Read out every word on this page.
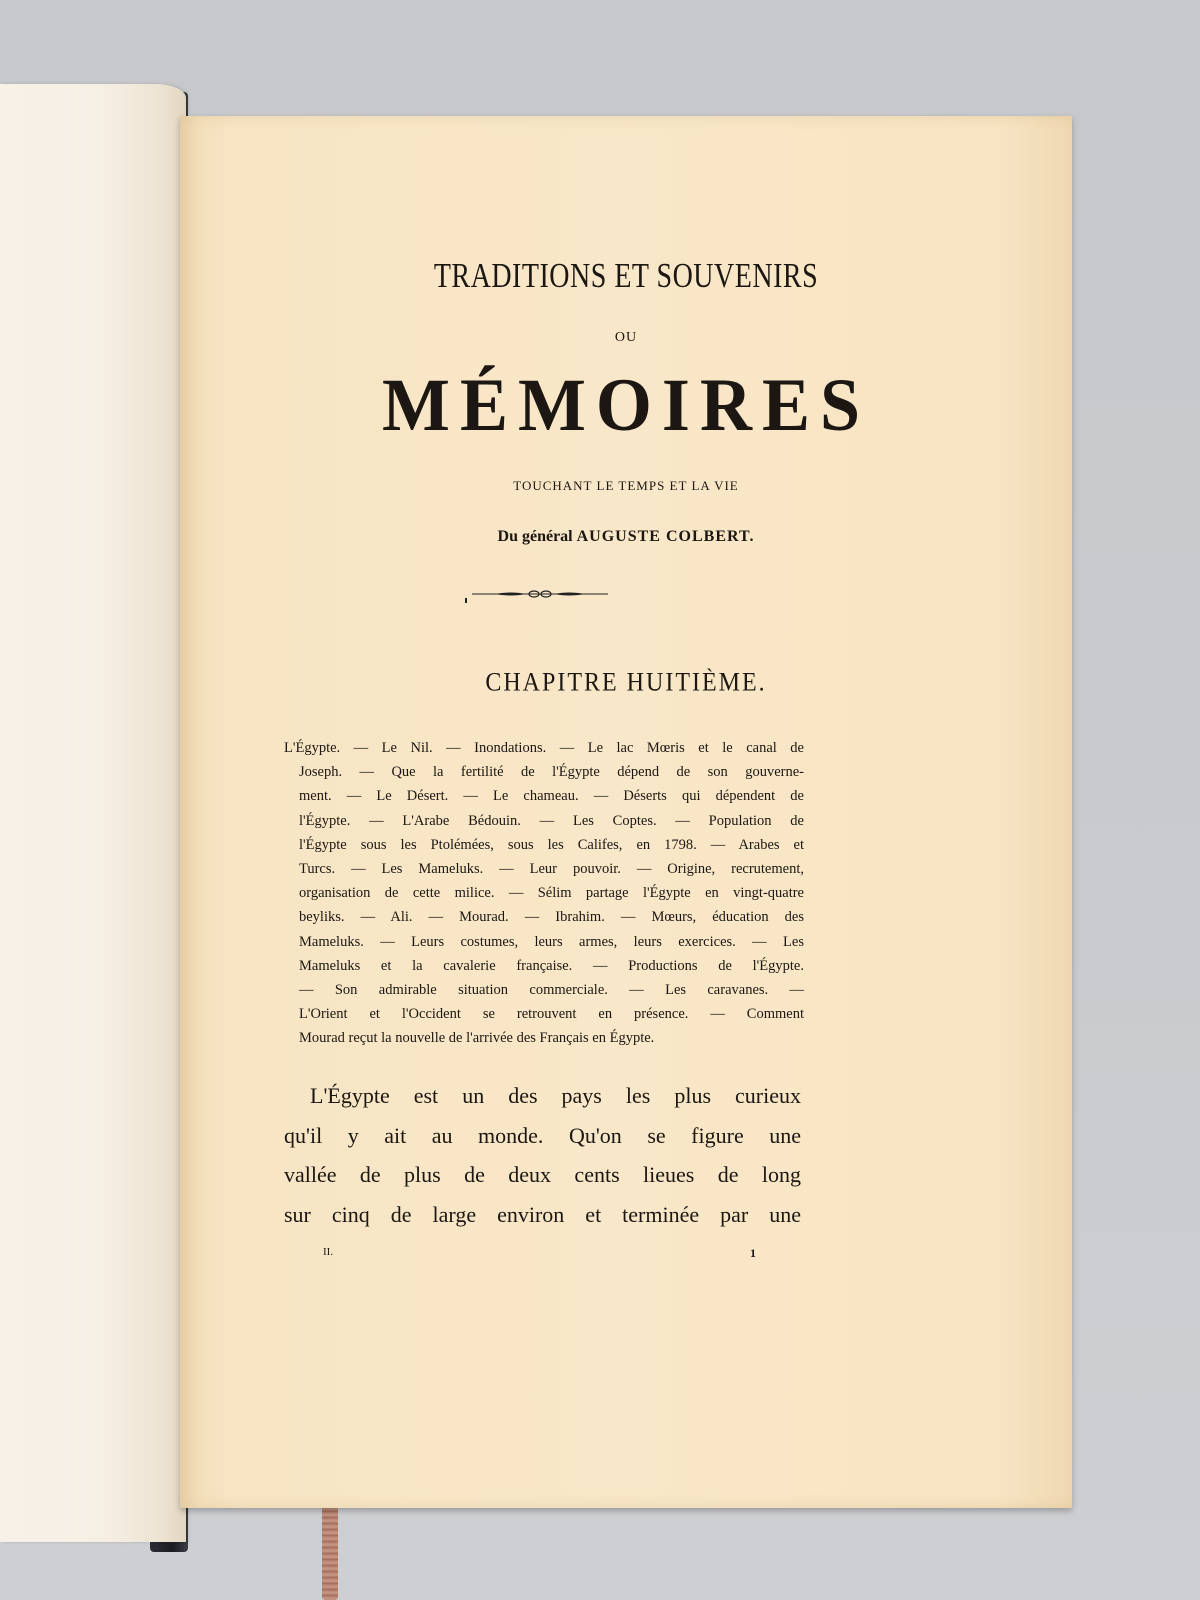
TRADITIONS ET SOUVENIRS
OU
MÉMOIRES
TOUCHANT LE TEMPS ET LA VIE
Du général AUGUSTE COLBERT.
CHAPITRE HUITIÈME.
L'Égypte. — Le Nil. — Inondations. — Le lac Mœris et le canal de
Joseph. — Que la fertilité de l'Égypte dépend de son gouverne-
ment. — Le Désert. — Le chameau. — Déserts qui dépendent de
l'Égypte. — L'Arabe Bédouin. — Les Coptes. — Population de
l'Égypte sous les Ptolémées, sous les Califes, en 1798. — Arabes et
Turcs. — Les Mameluks. — Leur pouvoir. — Origine, recrutement,
organisation de cette milice. — Sélim partage l'Égypte en vingt-quatre
beyliks. — Ali. — Mourad. — Ibrahim. — Mœurs, éducation des
Mameluks. — Leurs costumes, leurs armes, leurs exercices. — Les
Mameluks et la cavalerie française. — Productions de l'Égypte.
— Son admirable situation commerciale. — Les caravanes. —
L'Orient et l'Occident se retrouvent en présence. — Comment
Mourad reçut la nouvelle de l'arrivée des Français en Égypte.
L'Égypte est un des pays les plus curieux
qu'il y ait au monde. Qu'on se figure une
vallée de plus de deux cents lieues de long
sur cinq de large environ et terminée par une
II.	1
